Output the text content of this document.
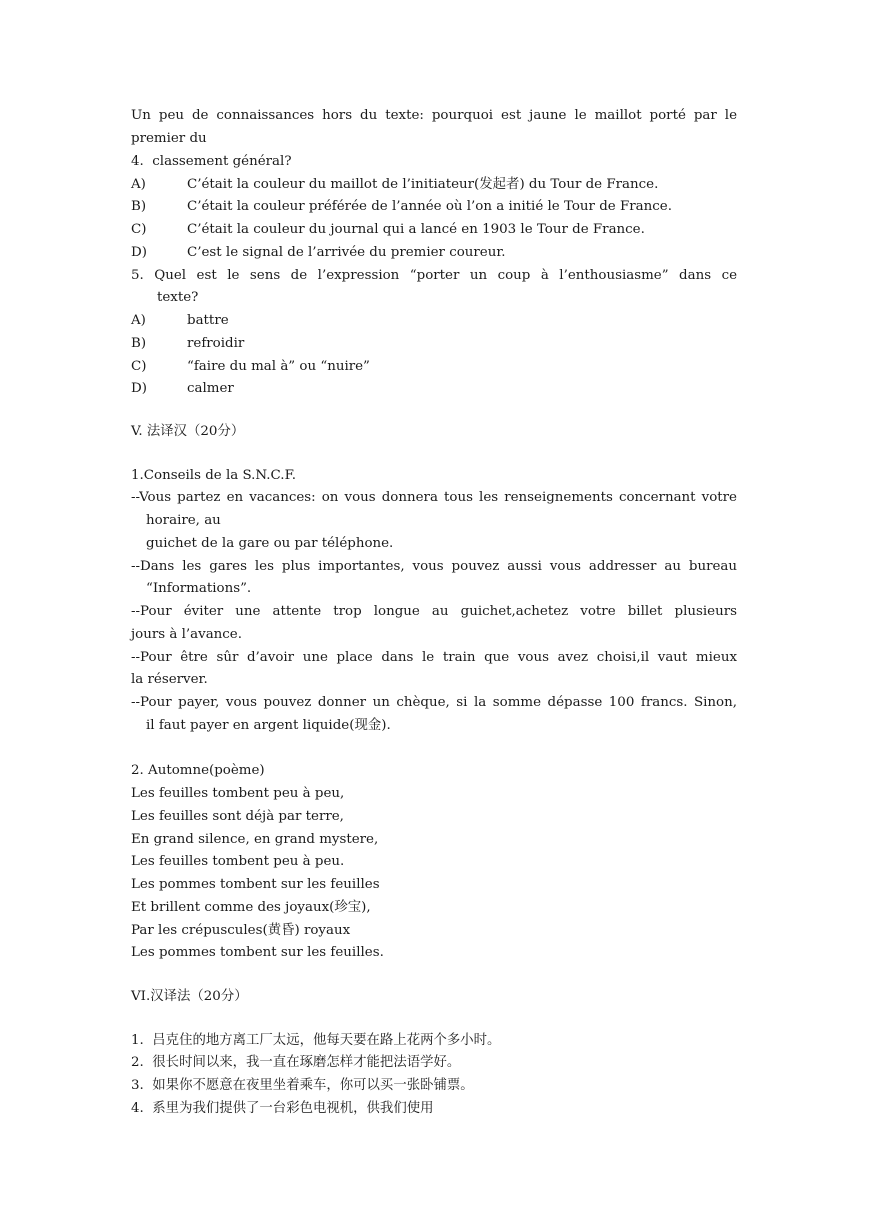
Un peu de connaissances hors du texte: pourquoi est jaune le maillot porté par le
premier du
4.  classement général?
A)	C’était la couleur du maillot de l’initiateur(发起者) du Tour de France.
B)	C’était la couleur préférée de l’année où l’on a initié le Tour de France.
C)	C’était la couleur du journal qui a lancé en 1903 le Tour de France.
D)	C’est le signal de l’arrivée du premier coureur.
5. Quel est le sens de l’expression “porter un coup à l’enthousiasme” dans ce
texte?
A)	battre
B)	refroidir
C)	“faire du mal à” ou “nuire”
D)	calmer
V. 法译汉（20分）
1.Conseils de la S.N.C.F.
--Vous partez en vacances: on vous donnera tous les renseignements concernant votre
horaire, au
guichet de la gare ou par téléphone.
--Dans les gares les plus importantes, vous pouvez aussi vous addresser au bureau
“Informations”.
--Pour éviter une attente trop longue au guichet,achetez votre billet plusieurs
jours à l’avance.
--Pour être sûr d’avoir une place dans le train que vous avez choisi,il vaut mieux
la réserver.
--Pour payer, vous pouvez donner un chèque, si la somme dépasse 100 francs. Sinon,
il faut payer en argent liquide(现金).
2. Automne(poème)
Les feuilles tombent peu à peu,
Les feuilles sont déjà par terre,
En grand silence, en grand mystere,
Les feuilles tombent peu à peu.
Les pommes tombent sur les feuilles
Et brillent comme des joyaux(珍宝),
Par les crépuscules(黄昏) royaux
Les pommes tombent sur les feuilles.
VI.汉译法（20分）
1.  吕克住的地方离工厂太远，他每天要在路上花两个多小时。
2.  很长时间以来，我一直在琢磨怎样才能把法语学好。
3.  如果你不愿意在夜里坐着乘车，你可以买一张卧铺票。
4.  系里为我们提供了一台彩色电视机，供我们使用
